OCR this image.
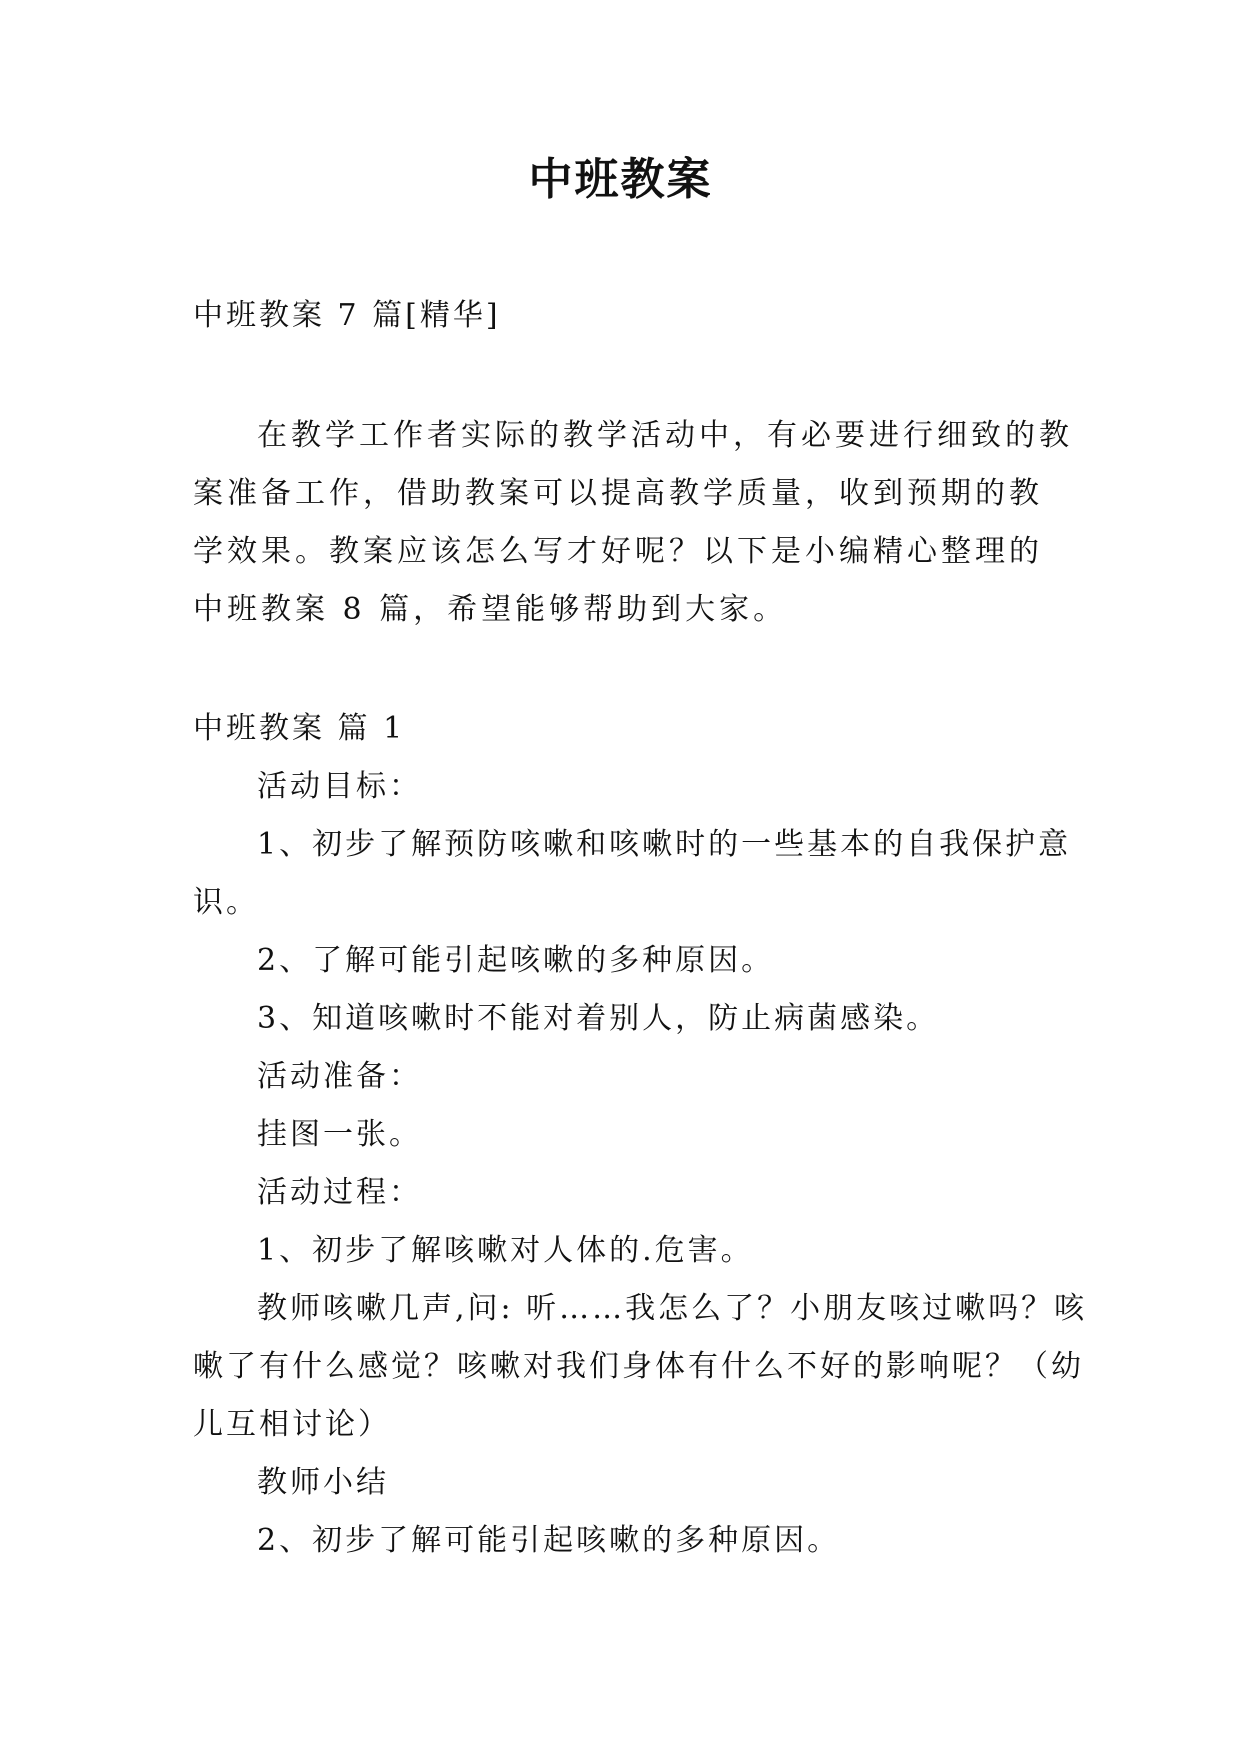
中班教案

中班教案 7 篇[精华]

在教学工作者实际的教学活动中，有必要进行细致的教案准备工作，借助教案可以提高教学质量，收到预期的教学效果。教案应该怎么写才好呢？以下是小编精心整理的中班教案 8 篇，希望能够帮助到大家。

中班教案 篇 1

活动目标：

1、初步了解预防咳嗽和咳嗽时的一些基本的自我保护意识。

2、了解可能引起咳嗽的多种原因。

3、知道咳嗽时不能对着别人，防止病菌感染。

活动准备：

挂图一张。

活动过程：

1、初步了解咳嗽对人体的.危害。

教师咳嗽几声,问: 听……我怎么了？小朋友咳过嗽吗？咳嗽了有什么感觉？咳嗽对我们身体有什么不好的影响呢？（幼儿互相讨论）

教师小结

2、初步了解可能引起咳嗽的多种原因。
